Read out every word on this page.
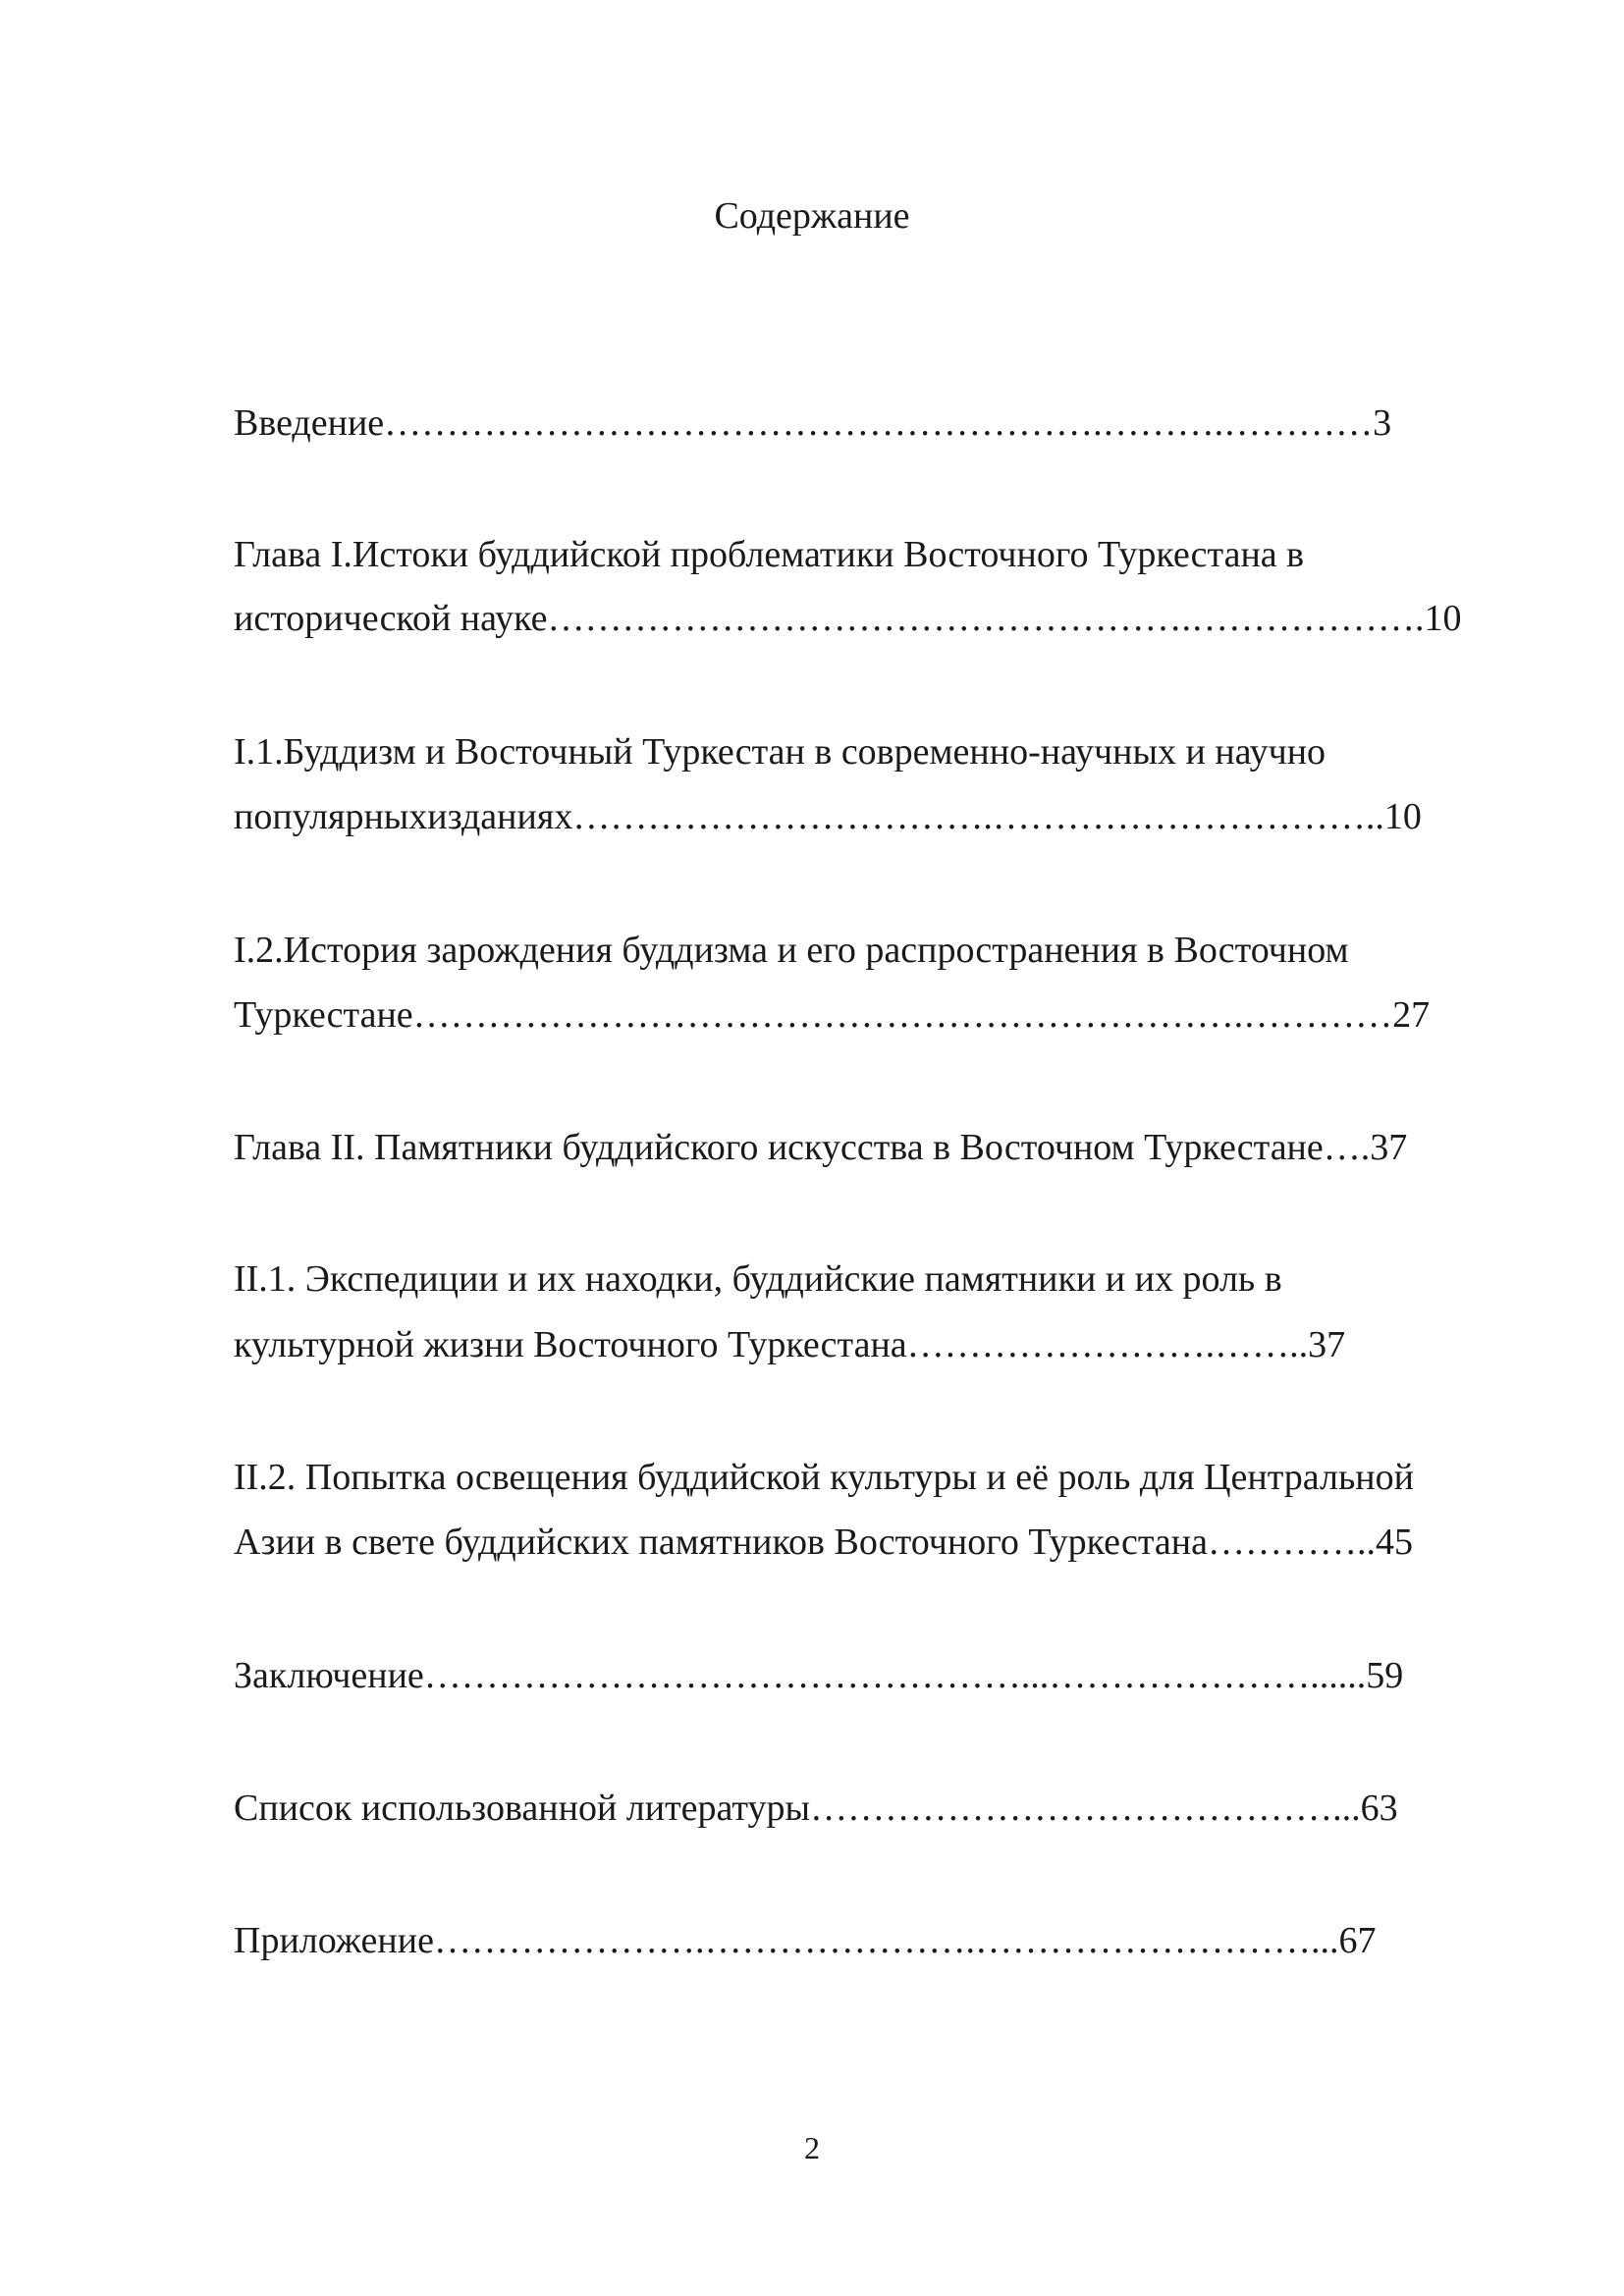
Содержание
Введение………………………………………………….……….…………3
Глава I.Истоки буддийской проблематики Восточного Туркестана в
исторической науке…………………………………………….……………….10
I.1.Буддизм и Восточный Туркестан в современно-научных и научно
популярныхизданиях…………………………….…………………………..10
I.2.История зарождения буддизма и его распространения в Восточном
Туркестане………………………………………………………….…………27
Глава II. Памятники буддийского искусства в Восточном Туркестане….37
II.1. Экспедиции и их находки, буддийские памятники и их роль в
культурной жизни Восточного Туркестана…………………….……..37
II.2. Попытка освещения буддийской культуры и её роль для Центральной
Азии в свете буддийских памятников Восточного Туркестана…………..45
Заключение…………………………………………...…………………......59
Список использованной литературы……………………………………...63
Приложение………………….………………….………………………...67
2
